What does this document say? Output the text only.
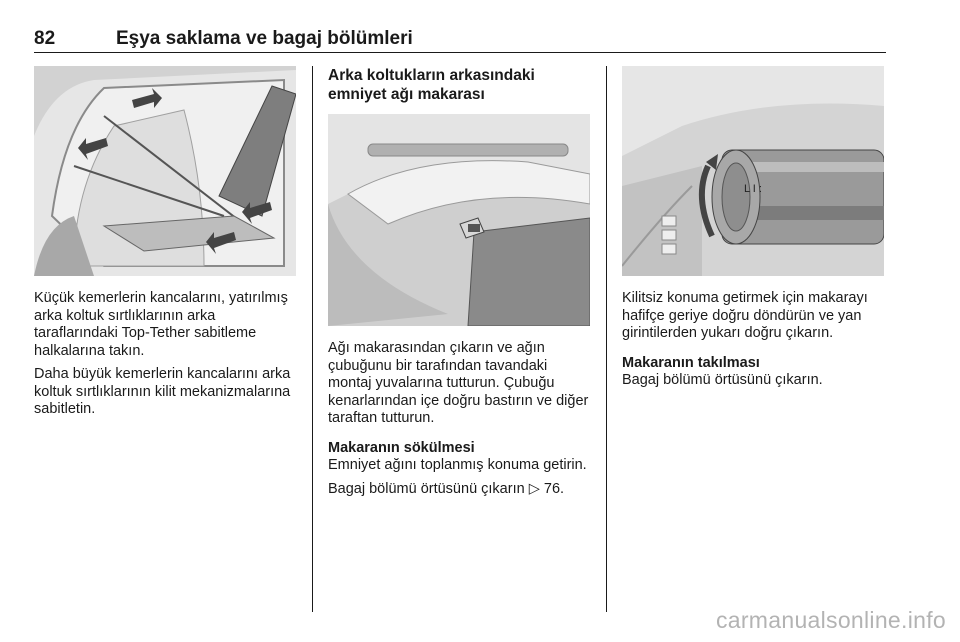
82	Eşya saklama ve bagaj bölümleri

Küçük kemerlerin kancalarını, yatırılmış arka koltuk sırtlıklarının arka taraflarındaki Top-Tether sabitleme halkalarına takın.

Daha büyük kemerlerin kancalarını arka koltuk sırtlıklarının kilit mekanizmalarına sabitletin.

Arka koltukların arkasındaki emniyet ağı makarası

Ağı makarasından çıkarın ve ağın çubuğunu bir tarafından tavandaki montaj yuvalarına tutturun. Çubuğu kenarlarından içe doğru bastırın ve diğer taraftan tutturun.

Makaranın sökülmesi

Emniyet ağını toplanmış konuma getirin.

Bagaj bölümü örtüsünü çıkarın ▷ 76.

L I :

Kilitsiz konuma getirmek için makarayı hafifçe geriye doğru döndürün ve yan girintilerden yukarı doğru çıkarın.

Makaranın takılması

Bagaj bölümü örtüsünü çıkarın.

carmanualsonline.info
